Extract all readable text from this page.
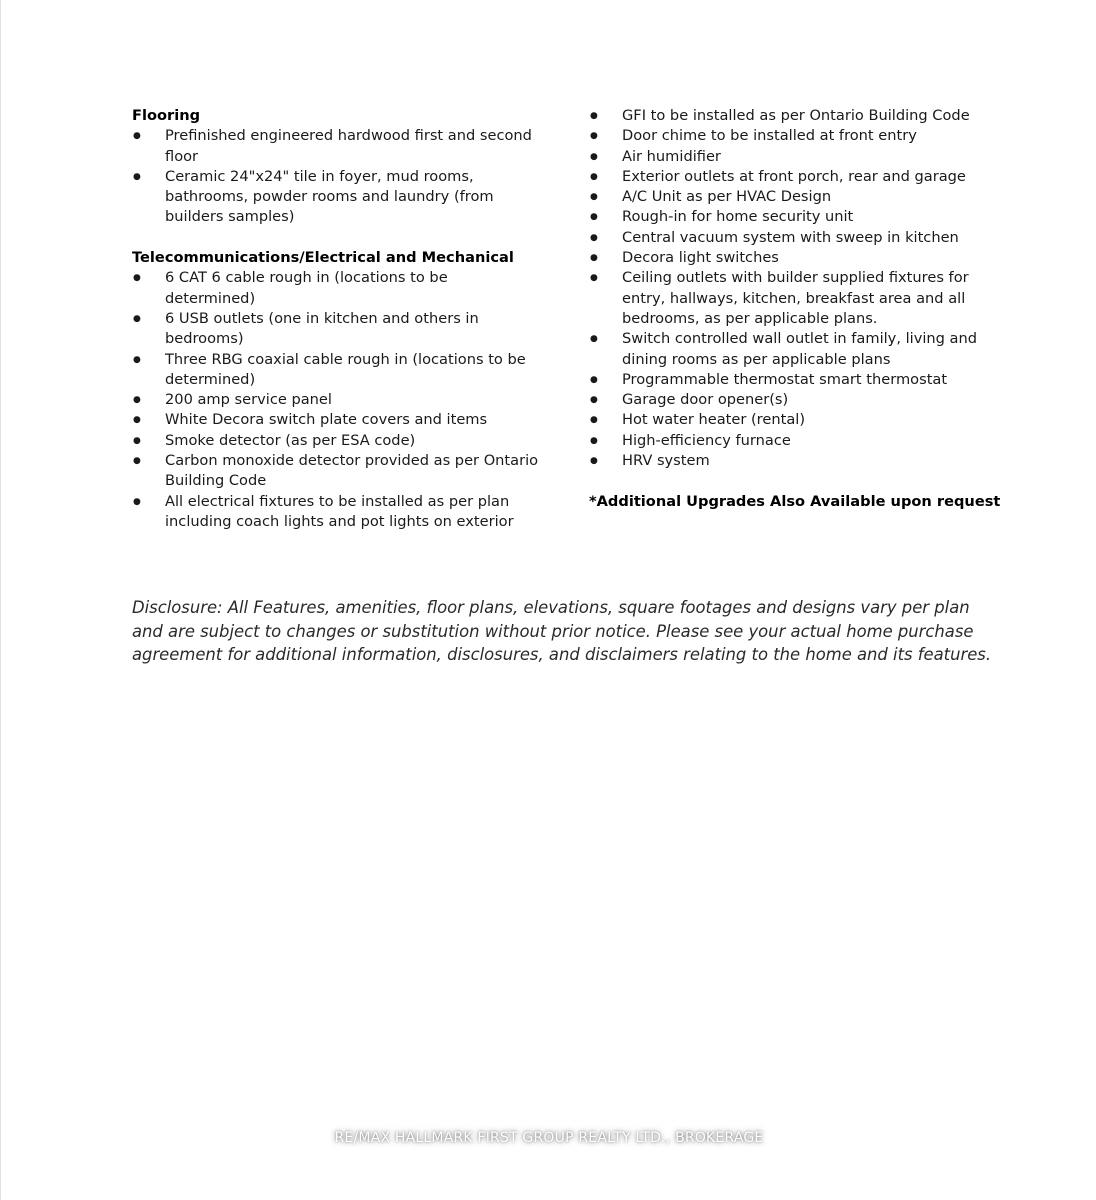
Flooring

● Prefinished engineered hardwood first and second floor
● Ceramic 24"x24" tile in foyer, mud rooms, bathrooms, powder rooms and laundry (from builders samples)

Telecommunications/Electrical and Mechanical

● 6 CAT 6 cable rough in (locations to be determined)
● 6 USB outlets (one in kitchen and others in bedrooms)
● Three RBG coaxial cable rough in (locations to be determined)
● 200 amp service panel
● White Decora switch plate covers and items
● Smoke detector (as per ESA code)
● Carbon monoxide detector provided as per Ontario Building Code
● All electrical fixtures to be installed as per plan including coach lights and pot lights on exterior
● GFI to be installed as per Ontario Building Code
● Door chime to be installed at front entry
● Air humidifier
● Exterior outlets at front porch, rear and garage
● A/C Unit as per HVAC Design
● Rough-in for home security unit
● Central vacuum system with sweep in kitchen
● Decora light switches
● Ceiling outlets with builder supplied fixtures for entry, hallways, kitchen, breakfast area and all bedrooms, as per applicable plans.
● Switch controlled wall outlet in family, living and dining rooms as per applicable plans
● Programmable thermostat smart thermostat
● Garage door opener(s)
● Hot water heater (rental)
● High-efficiency furnace
● HRV system

*Additional Upgrades Also Available upon request

Disclosure: All Features, amenities, floor plans, elevations, square footages and designs vary per plan and are subject to changes or substitution without prior notice. Please see your actual home purchase agreement for additional information, disclosures, and disclaimers relating to the home and its features.

RE/MAX HALLMARK FIRST GROUP REALTY LTD., BROKERAGE
